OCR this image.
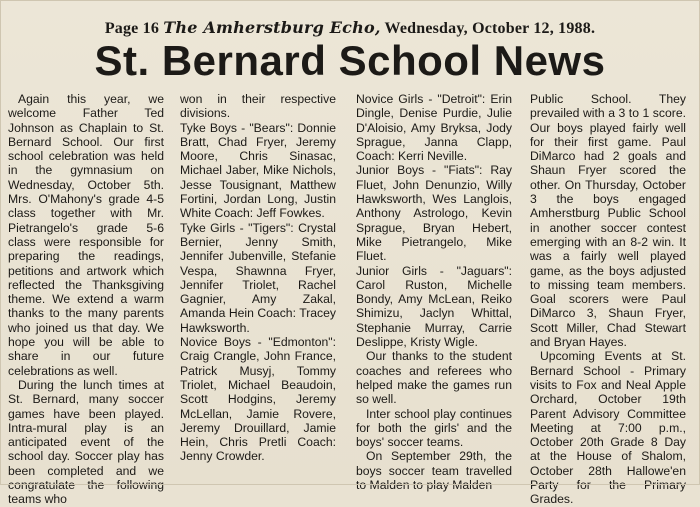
Page 16 The Amherstburg Echo, Wednesday, October 12, 1988.
St. Bernard School News

Again this year, we welcome Father Ted Johnson as Chaplain to St. Bernard School. Our first school celebration was held in the gymnasium on Wednesday, October 5th. Mrs. O'Mahony's grade 4-5 class together with Mr. Pietrangelo's grade 5-6 class were responsible for preparing the readings, petitions and artwork which reflected the Thanksgiving theme. We extend a warm thanks to the many parents who joined us that day. We hope you will be able to share in our future celebrations as well.

During the lunch times at St. Bernard, many soccer games have been played. Intra-mural play is an anticipated event of the school day. Soccer play has been completed and we congratulate the following teams who

won in their respective divisions.

Tyke Boys - "Bears": Donnie Bratt, Chad Fryer, Jeremy Moore, Chris Sinasac, Michael Jaber, Mike Nichols, Jesse Tousignant, Matthew Fortini, Jordan Long, Justin White Coach: Jeff Fowkes.

Tyke Girls - "Tigers": Crystal Bernier, Jenny Smith, Jennifer Jubenville, Stefanie Vespa, Shawnna Fryer, Jennifer Triolet, Rachel Gagnier, Amy Zakal, Amanda Hein Coach: Tracey Hawksworth.

Novice Boys - "Edmonton": Craig Crangle, John France, Patrick Musyj, Tommy Triolet, Michael Beaudoin, Scott Hodgins, Jeremy McLellan, Jamie Rovere, Jeremy Drouillard, Jamie Hein, Chris Pretli Coach: Jenny Crowder.

Novice Girls - "Detroit": Erin Dingle, Denise Purdie, Julie D'Aloisio, Amy Bryksa, Jody Sprague, Janna Clapp, Coach: Kerri Neville.

Junior Boys - "Fiats": Ray Fluet, John Denunzio, Willy Hawksworth, Wes Langlois, Anthony Astrologo, Kevin Sprague, Bryan Hebert, Mike Pietrangelo, Mike Fluet.

Junior Girls - "Jaguars": Carol Ruston, Michelle Bondy, Amy McLean, Reiko Shimizu, Jaclyn Whittal, Stephanie Murray, Carrie Deslippe, Kristy Wigle.

Our thanks to the student coaches and referees who helped make the games run so well.

Inter school play continues for both the girls' and the boys' soccer teams.

On September 29th, the boys soccer team travelled to Malden to play Malden

Public School. They prevailed with a 3 to 1 score. Our boys played fairly well for their first game. Paul DiMarco had 2 goals and Shaun Fryer scored the other. On Thursday, October 3 the boys engaged Amherstburg Public School in another soccer contest emerging with an 8-2 win. It was a fairly well played game, as the boys adjusted to missing team members. Goal scorers were Paul DiMarco 3, Shaun Fryer, Scott Miller, Chad Stewart and Bryan Hayes.

Upcoming Events at St. Bernard School - Primary visits to Fox and Neal Apple Orchard, October 19th Parent Advisory Committee Meeting at 7:00 p.m., October 20th Grade 8 Day at the House of Shalom, October 28th Hallowe'en Party for the Primary Grades.
